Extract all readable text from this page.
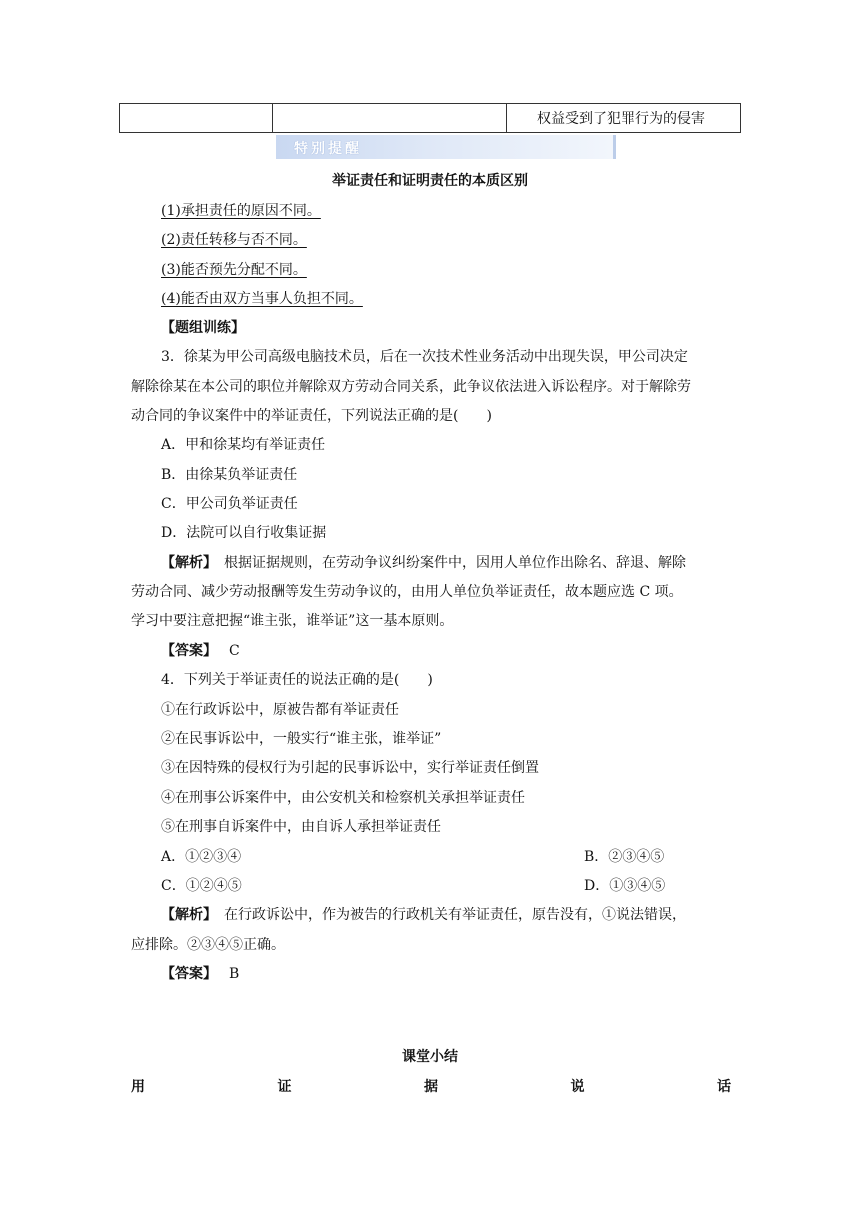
		权益受到了犯罪行为的侵害
特别提醒
举证责任和证明责任的本质区别
(1)承担责任的原因不同。
(2)责任转移与否不同。
(3)能否预先分配不同。
(4)能否由双方当事人负担不同。
【题组训练】
3．徐某为甲公司高级电脑技术员，后在一次技术性业务活动中出现失误，甲公司决定
解除徐某在本公司的职位并解除双方劳动合同关系，此争议依法进入诉讼程序。对于解除劳
动合同的争议案件中的举证责任，下列说法正确的是(　　)
A．甲和徐某均有举证责任
B．由徐某负举证责任
C．甲公司负举证责任
D．法院可以自行收集证据
【解析】　根据证据规则，在劳动争议纠纷案件中，因用人单位作出除名、辞退、解除
劳动合同、减少劳动报酬等发生劳动争议的，由用人单位负举证责任，故本题应选 C 项。
学习中要注意把握“谁主张，谁举证”这一基本原则。
【答案】 C
4．下列关于举证责任的说法正确的是(　　)
①在行政诉讼中，原被告都有举证责任
②在民事诉讼中，一般实行“谁主张，谁举证”
③在因特殊的侵权行为引起的民事诉讼中，实行举证责任倒置
④在刑事公诉案件中，由公安机关和检察机关承担举证责任
⑤在刑事自诉案件中，由自诉人承担举证责任
A．①②③④	B．②③④⑤
C．①②④⑤	D．①③④⑤
【解析】　在行政诉讼中，作为被告的行政机关有举证责任，原告没有，①说法错误，
应排除。②③④⑤正确。
【答案】 B
课堂小结
用	证	据	说	话
